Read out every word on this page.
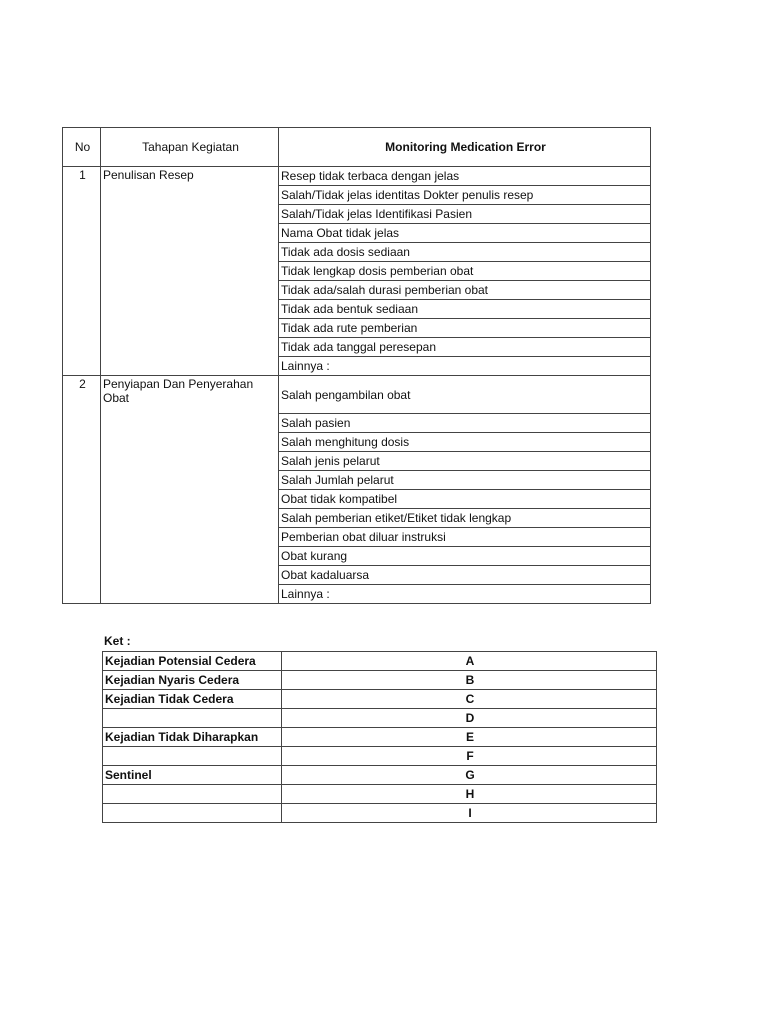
No	Tahapan Kegiatan	Monitoring Medication Error
1	Penulisan Resep	Resep tidak terbaca dengan jelas
		Salah/Tidak jelas identitas Dokter penulis resep
		Salah/Tidak jelas Identifikasi Pasien
		Nama Obat tidak jelas
		Tidak ada dosis sediaan
		Tidak lengkap dosis pemberian obat
		Tidak ada/salah durasi pemberian obat
		Tidak ada bentuk sediaan
		Tidak ada rute pemberian
		Tidak ada tanggal peresepan
		Lainnya :
2	Penyiapan Dan Penyerahan Obat	Salah pengambilan obat
		Salah pasien
		Salah menghitung dosis
		Salah jenis pelarut
		Salah Jumlah pelarut
		Obat tidak kompatibel
		Salah pemberian etiket/Etiket tidak lengkap
		Pemberian obat diluar instruksi
		Obat kurang
		Obat kadaluarsa
		Lainnya :
Ket :
Kejadian Potensial Cedera	A
Kejadian Nyaris Cedera	B
Kejadian Tidak Cedera	C
	D
Kejadian Tidak Diharapkan	E
	F
Sentinel	G
	H
	I
